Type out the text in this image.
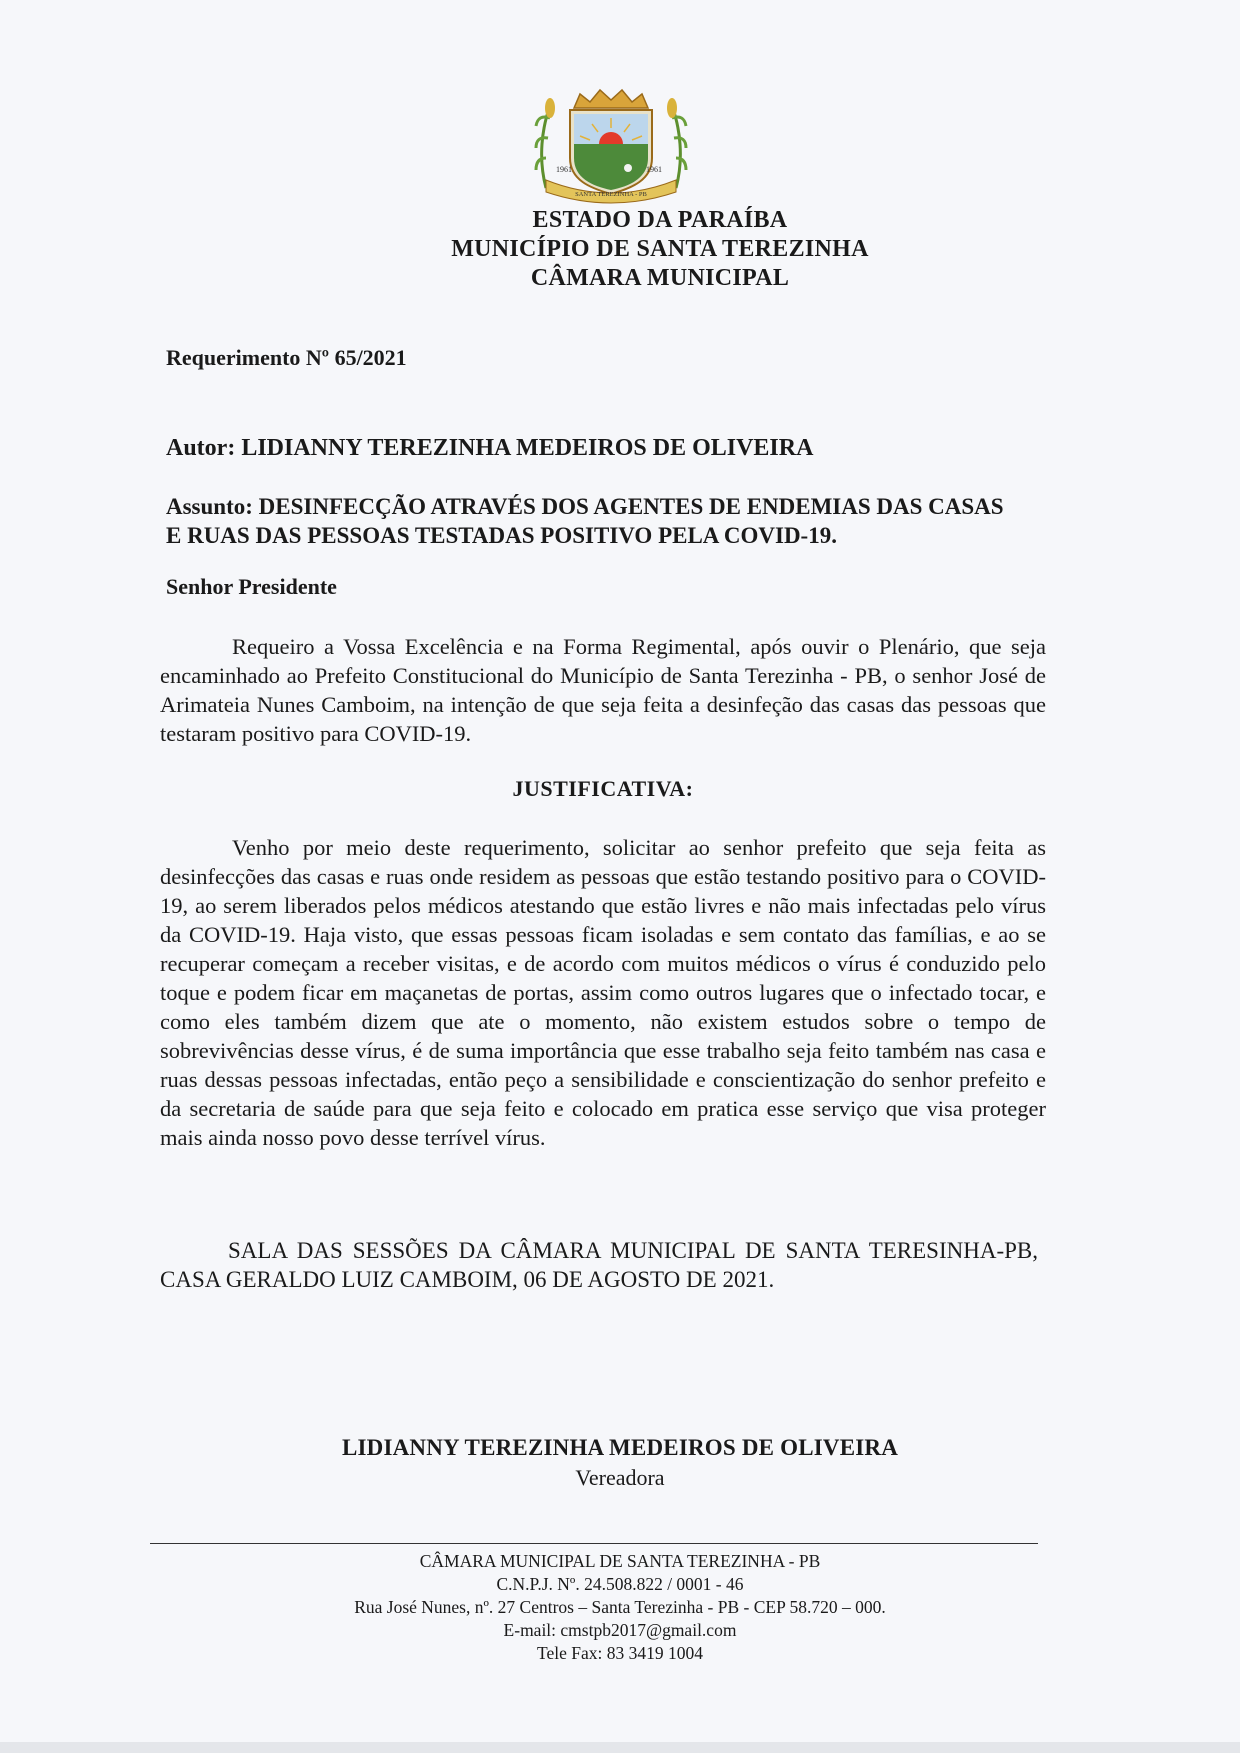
1961	1961
SANTA TEREZINHA - PB
ESTADO DA PARAÍBA
MUNICÍPIO DE SANTA TEREZINHA
CÂMARA MUNICIPAL
Requerimento Nº 65/2021
Autor: LIDIANNY TEREZINHA MEDEIROS DE OLIVEIRA
Assunto: DESINFECÇÃO ATRAVÉS DOS AGENTES DE ENDEMIAS DAS CASAS E RUAS DAS PESSOAS TESTADAS POSITIVO PELA COVID-19.
Senhor Presidente
Requeiro a Vossa Excelência e na Forma Regimental, após ouvir o Plenário, que seja encaminhado ao Prefeito Constitucional do Município de Santa Terezinha - PB, o senhor José de Arimateia Nunes Camboim, na intenção de que seja feita a desinfeção das casas das pessoas que testaram positivo para COVID-19.
JUSTIFICATIVA:
Venho por meio deste requerimento, solicitar ao senhor prefeito que seja feita as desinfecções das casas e ruas onde residem as pessoas que estão testando positivo para o COVID-19, ao serem liberados pelos médicos atestando que estão livres e não mais infectadas pelo vírus da COVID-19. Haja visto, que essas pessoas ficam isoladas e sem contato das famílias, e ao se recuperar começam a receber visitas, e de acordo com muitos médicos o vírus é conduzido pelo toque e podem ficar em maçanetas de portas, assim como outros lugares que o infectado tocar, e como eles também dizem que ate o momento, não existem estudos sobre o tempo de sobrevivências desse vírus, é de suma importância que esse trabalho seja feito também nas casa e ruas dessas pessoas infectadas, então peço a sensibilidade e conscientização do senhor prefeito e da secretaria de saúde para que seja feito e colocado em pratica esse serviço que visa proteger mais ainda nosso povo desse terrível vírus.
SALA DAS SESSÕES DA CÂMARA MUNICIPAL DE SANTA TERESINHA-PB, CASA GERALDO LUIZ CAMBOIM, 06 DE AGOSTO DE 2021.
LIDIANNY TEREZINHA MEDEIROS DE OLIVEIRA
Vereadora
CÂMARA MUNICIPAL DE SANTA TEREZINHA - PB
C.N.P.J. Nº. 24.508.822 / 0001 - 46
Rua José Nunes, nº. 27 Centros – Santa Terezinha - PB - CEP 58.720 – 000.
E-mail: cmstpb2017@gmail.com
Tele Fax: 83 3419 1004
